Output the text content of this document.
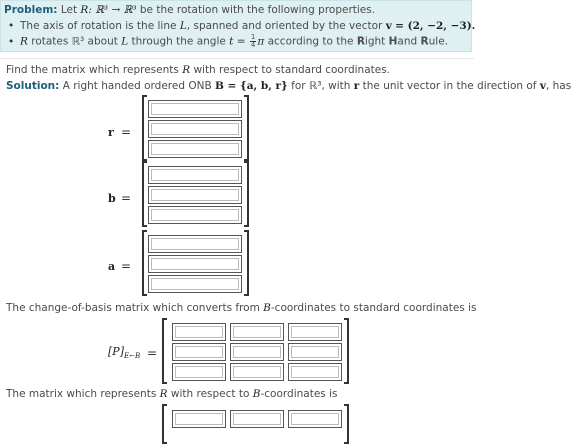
Problem: Let R: ℝ³ → ℝ³ be the rotation with the following properties.
• The axis of rotation is the line L, spanned and oriented by the vector v = (2, −2, −3).
• R rotates ℝ³ about L through the angle $t = \frac{1}{4}$ π according to the Right Hand Rule.
Find the matrix which represents R with respect to standard coordinates.
Solution: A right handed ordered ONB B = {a, b, r} for ℝ³, with r the unit vector in the direction of v, has
r =
b =
a =
The change-of-basis matrix which converts from B-coordinates to standard coordinates is
$[P]_{E\leftarrow B}$ =
The matrix which represents R with respect to B-coordinates is
